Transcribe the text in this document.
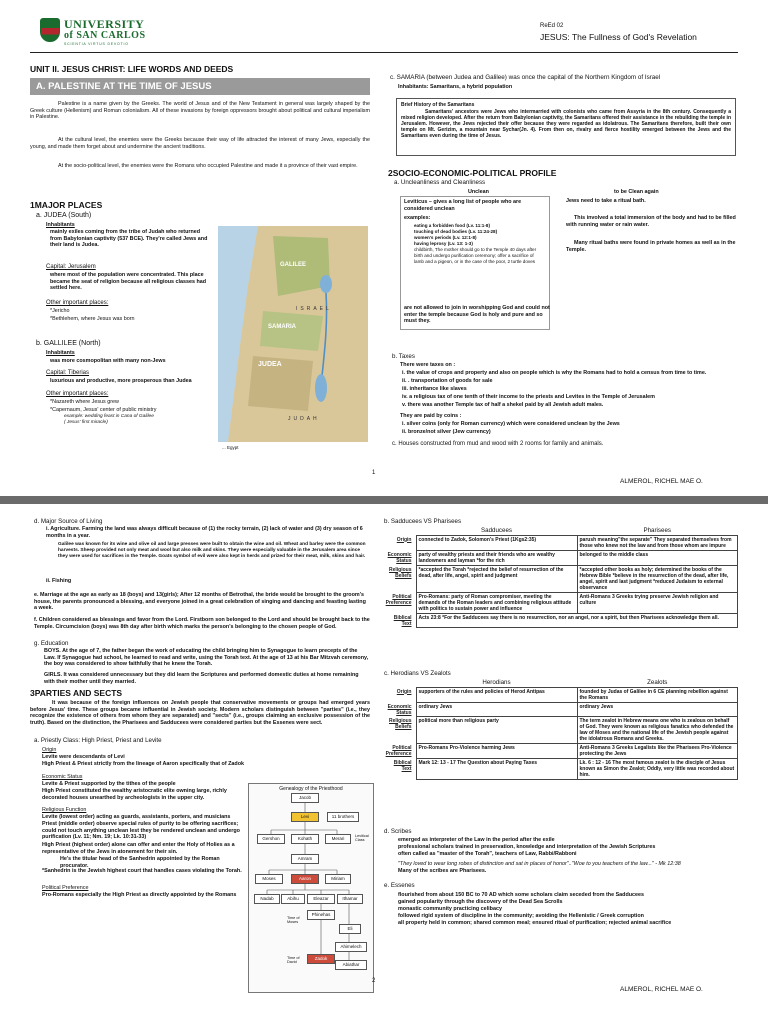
UNIVERSITY
of SAN CARLOS
SCIENTIA VIRTUS DEVOTIO
ReEd 02
JESUS: The Fullness of God's Revelation
UNIT II. JESUS CHRIST: LIFE WORDS AND DEEDS
A. PALESTINE AT THE TIME OF JESUS
Palestine is a name given by the Greeks. The world of Jesus and of the New Testament in general was largely shaped by the Greek culture (Hellenism) and Roman colonialism. All of these invasions by foreign oppressors brought about political and cultural imperialism in Palestine.
At the cultural level, the enemies were the Greeks because their way of life attracted the interest of many Jews, especially the young, and made them forget about and undermine the ancient traditions.
At the socio-political level, the enemies were the Romans who occupied Palestine and made it a province of their vast empire.
1MAJOR PLACES
a. JUDEA (South)
Inhabitants
mainly exiles coming from the tribe of Judah who returned from Babylonian captivity (537 BCE). They're called Jews and their land is Judea.
Capital: Jerusalem
where most of the population were concentrated. This place became the seat of religion because all religious classes had settled here.
Other important places:
*Jericho
*Bethlehem, where Jesus was born
b. GALLILEE (North)
Inhabitants
was more cosmopolitan with many non-Jews
Capital: Tiberias
luxurious and productive, more prosperous than Judea
Other important places:
*Nazareth where Jesus grew
*Capernaum, Jesus' center of public ministry
example: wedding feast in Cana of Galilee
( Jesus' first miracle)
GALILEE
SAMARIA
JUDEA
ISRAEL
JUDAH
... Egypt
c. SAMARIA (between Judea and Galilee) was once the capital of the Northern Kingdom of Israel
Inhabitants: Samaritans, a hybrid population
Brief History of the Samaritans
Samaritans' ancestors were Jews who intermarried with colonists who came from Assyria in the 8th century. Consequently a mixed religion developed. After the return from Babylonian captivity, the Samaritans offered their assistance in the rebuilding the temple in Jerusalem. However, the Jews rejected their offer because they were regarded as idolatrous. The Samaritans therefore, built their own temple on Mt. Gerizim, a mountain near Sychar(Jn. 4). From then on, rivalry and fierce hostility emerged between the Jews and the Samaritans even during the time of Jesus.
2SOCIO-ECONOMIC-POLITICAL PROFILE
a. Uncleanliness and Cleanliness
Unclean	to be Clean again
Leviticus – gives a long list of people who are considered unclean
examples:
eating a forbidden food (Lv. 11:1-8)
touching of dead bodies (Lv. 11:24-28)
women's periods (Lv. 12:1-8)
having leprosy (Lv. 13: 1-3)
childbirth, The mother should go to the Temple 40 days after birth and undergo purification ceremony; offer a sacrifice of lamb and a pigeon, or in the case of the poor, 2 turtle doves
are not allowed to join in worshipping God and could not enter the temple because God is holy and pure and so must they.
Jews need to take a ritual bath.
This involved a total immersion of the body and had to be filled with running water or rain water.
Many ritual baths were found in private homes as well as in the Temple.
b. Taxes
There were taxes on :
i. the value of crops and property and also on people which is why the Romans had to hold a census from time to time.
ii. . transportation of goods for sale
iii. inheritance like slaves
iv. a religious tax of one tenth of their income to the priests and Levites in the Temple of Jerusalem
v. there was another Temple tax of half a shekel paid by all Jewish adult males.
They are paid by coins :
i. silver coins (only for Roman currency) which were considered unclean by the Jews
ii. bronze/not silver (Jew currency)
c. Houses constructed from mud and wood with 2 rooms for family and animals.
1
ALMEROL, RICHEL MAE O.
d. Major Source of Living
i. Agriculture. Farming the land was always difficult because of (1) the rocky terrain, (2) lack of water and (3) dry season of 6 months in a year.
Galilee was known for its wine and olive oil and large presses were built to obtain the wine and oil. Wheat and barley were the common harvests. Sheep provided not only meat and wool but also milk and skins. They were especially valuable in the Jerusalem area since they were used for sacrifices in the Temple. Goats symbol of evil were also kept in herds and prized for their meat, milk, skins and hair.
ii. Fishing
e. Marriage at the age as early as 18 (boys) and 13(girls); After 12 months of Betrothal, the bride would be brought to the groom's house, the parents pronounced a blessing, and everyone joined in a great celebration of singing and dancing and feasting lasting a week.
f. Children considered as blessings and favor from the Lord. Firstborn son belonged to the Lord and should be brought back to the Temple. Circumcision (boys) was 8th day after birth which marks the person's belonging to the chosen people of God.
g. Education
BOYS. At the age of 7, the father began the work of educating the child bringing him to Synagogue to learn precepts of the Law. If Synagogue had school, he learned to read and write, using the Torah text. At the age of 13 at his Bar Mitzvah ceremony, the boy was considered to show faithfully that he knew the Torah.
GIRLS. It was considered unnecessary but they did learn the Scriptures and performed domestic duties at home remaining with their mother until they married.
3PARTIES AND SECTS
It was because of the foreign influences on Jewish people that conservative movements or groups had emerged years before Jesus' time. These groups became influential in Jewish society. Modern scholars distinguish between "parties" (i.e., they recognize the existence of others from whom they are separated) and "sects" (i.e., groups claiming an exclusive possession of the truth). Based on the distinction, the Pharisees and Sadducees were considered parties but the Essenes were sect.
a. Priestly Class: High Priest, Priest and Levite
Origin
Levite were descendants of Levi
High Priest & Priest strictly from the lineage of Aaron specifically that of Zadok
Economic Status
Levite & Priest supported by the tithes of the people
High Priest constituted the wealthy aristocratic elite owning large, richly decorated houses unearthed by archeologists in the upper city.
Religious Function
Levite (lowest order) acting as guards, assistants, porters, and musicians
Priest (middle order) observe special rules of purity to be offering sacrifices; could not touch anything unclean lest they be rendered unclean and undergo purification (Lv. 11; Nm. 19; Lk. 10:31-33)
High Priest (highest order) alone can offer and enter the Holy of Holies as a representative of the Jews in atonement for their sin.
He's the titular head of the Sanhedrin appointed by the Roman procurator.
*Sanhedrin is the Jewish highest court that handles cases violating the Torah.
Political Preference
Pro-Romans especially the High Priest as directly appointed by the Romans
Genealogy of the Priesthood
Jacob
Levi	11 brothers
Gershon	Kohath	Merari
Amram
Moses	Aaron	Miriam
Nadab	Abihu	Eleazar	Ithamar
Phinehas
Eli
Ahimelech
Zadok
Abiathar
Levitical Class
Time of Moses
Time of David
b. Sadducees VS Pharisees
	Sadducees	Pharisees
Origin	connected to Zadok, Solomon's Priest (1Kgs2:35)	parush meaning"the separate" They separated themselves from those who knew not the law and from those whom are impure
Economic Status	party of wealthy priests and their friends who are wealthy landowners and layman *for the rich	belonged to the middle class
Religious Beliefs	*accepted the Torah *rejected the belief of resurrection of the dead, after life, angel, spirit and judgment	*accepted other books as holy; determined the books of the Hebrew Bible *believe in the resurrection of the dead, after life, angel, spirit and last judgment *reduced Judaism to external observance
Political Preference	Pro-Romans: party of Roman compromiser, meeting the demands of the Roman leaders and combining religious attitude with politics to sustain power and influence	Anti-Romans 3 Greeks trying preserve Jewish religion and culture
Biblical Text	Acts 23:8 *For the Sadducees say there is no resurrection, nor an angel, nor a spirit, but then Pharisees acknowledge them all.	
c. Herodians VS Zealots
	Herodians	Zealots
Origin	supporters of the rules and policies of Herod Antipas	founded by Judas of Galilee in 6 CE planning rebellion against the Romans
Economic Status	ordinary Jews	ordinary Jews
Religious Beliefs	political more than religious party	The term zealot in Hebrew means one who is zealous on behalf of God. They were known as religious fanatics who defended the law of Moses and the national life of the Jewish people against the idolatrous Romans and Greeks.
Political Preference	Pro-Romans Pro-Violence harming Jews	Anti-Romans 3 Greeks Legalists like the Pharisees Pro-Violence protecting the Jews
Biblical Text	Mark 12: 13 - 17 The Question about Paying Taxes	Lk. 6 : 12 - 16 The most famous zealot is the disciple of Jesus known as Simon the Zealot; Oddly, very little was recorded about him.
d. Scribes
emerged as interpreter of the Law in the period after the exile
professional scholars trained in preservation, knowledge and interpretation of the Jewish Scriptures
often called as "master of the Torah", teachers of Law, Rabbi/Rabboni
"They loved to wear long robes of distinction and sat in places of honor".."Woe to you teachers of the law..." - Mk 12:38
Many of the scribes are Pharisees.
e. Essenes
flourished from about 150 BC to 70 AD which some scholars claim seceded from the Sadducees
gained popularity through the discovery of the Dead Sea Scrolls
monastic community practicing celibacy
followed rigid system of discipline in the community; avoiding the Hellenistic / Greek corruption
all property held in common; shared common meal; ensured ritual of purification; rejected animal sacrifice
2
ALMEROL, RICHEL MAE O.
